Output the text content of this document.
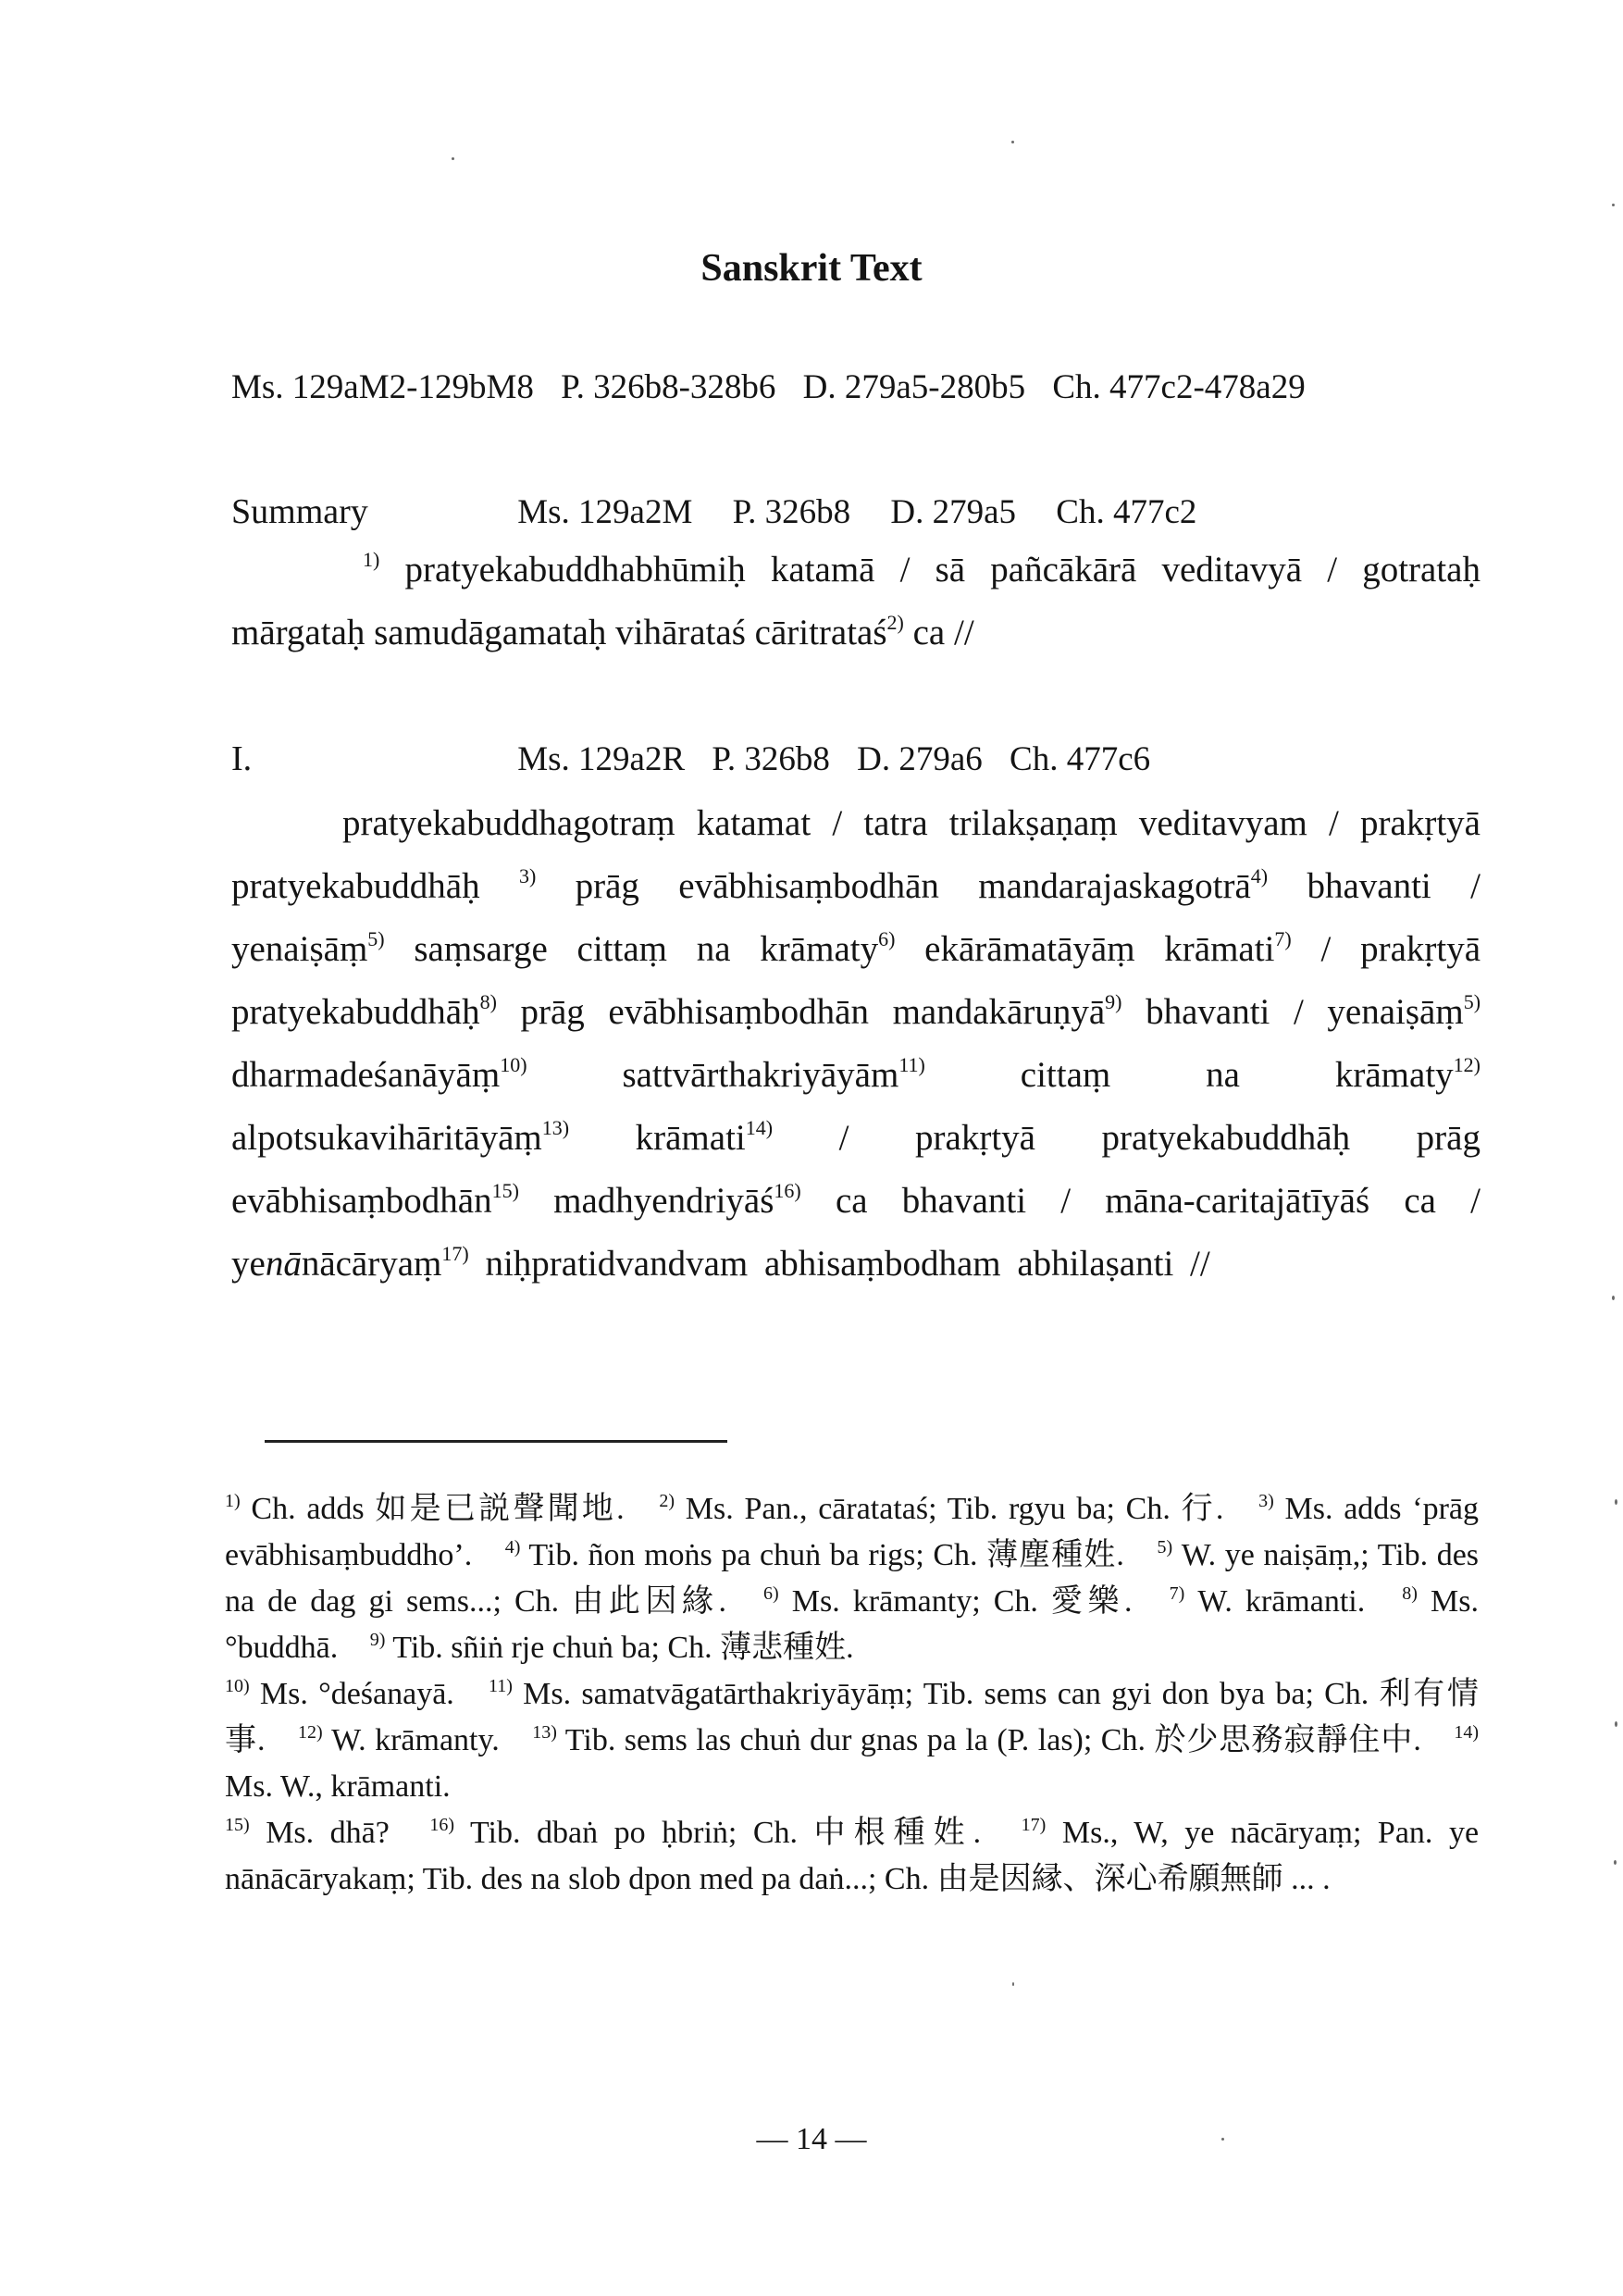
Sanskrit Text

Ms. 129aM2-129bM8 P. 326b8-328b6 D. 279a5-280b5 Ch. 477c2-478a29

Summary	Ms. 129a2M P. 326b8 D. 279a5 Ch. 477c2

$^{1)}$ pratyekabuddhabhūmiḥ katamā / sā pañcākārā veditavyā / gotrataḥ mārgataḥ samudāgamataḥ vihārataś cāritrataś$^{2)}$ ca //

I.	Ms. 129a2R P. 326b8 D. 279a6 Ch. 477c6

pratyekabuddhagotraṃ katamat / tatra trilakṣaṇaṃ veditavyam / prakṛtyā pratyekabuddhāḥ $^{3)}$ prāg evābhisaṃbodhān mandarajaskagotrā$^{4)}$ bhavanti / yenaiṣāṃ$^{5)}$ saṃsarge cittaṃ na krāmaty$^{6)}$ ekārāmatāyāṃ krāmati$^{7)}$ / prakṛtyā pratyekabuddhāḥ$^{8)}$ prāg evābhisaṃbodhān mandakāruṇyā$^{9)}$ bhavanti / yenaiṣāṃ$^{5)}$ dharmadeśanāyāṃ$^{10)}$ sattvārthakriyāyām$^{11)}$ cittaṃ na krāmaty$^{12)}$ alpotsukavihāritāyāṃ$^{13)}$ krāmati$^{14)}$ / prakṛtyā pratyekabuddhāḥ prāg evābhisaṃbodhān$^{15)}$ madhyendriyāś$^{16)}$ ca bhavanti / māna-caritajātīyāś ca / yenānācāryaṃ$^{17)}$ niḥpratidvandvam abhisaṃbodham abhilaṣanti //

$^{1)}$ Ch. adds 如是已説聲聞地. $^{2)}$ Ms. Pan., cāratataś; Tib. rgyu ba; Ch. 行. $^{3)}$ Ms. adds ‘prāg evābhisaṃbuddho’. $^{4)}$ Tib. ñon moṅs pa chuṅ ba rigs; Ch. 薄塵種姓. $^{5)}$ W. ye naiṣāṃ,; Tib. des na de dag gi sems...; Ch. 由此因緣. $^{6)}$ Ms. krāmanty; Ch. 愛樂. $^{7)}$ W. krāmanti. $^{8)}$ Ms. °buddhā. $^{9)}$ Tib. sñiṅ rje chuṅ ba; Ch. 薄悲種姓.
$^{10)}$ Ms. °deśanayā. $^{11)}$ Ms. samatvāgatārthakriyāyāṃ; Tib. sems can gyi don bya ba; Ch. 利有情事. $^{12)}$ W. krāmanty. $^{13)}$ Tib. sems las chuṅ dur gnas pa la (P. las); Ch. 於少思務寂靜住中. $^{14)}$ Ms. W., krāmanti.
$^{15)}$ Ms. dhā? $^{16)}$ Tib. dbaṅ po ḥbriṅ; Ch. 中根種姓. $^{17)}$ Ms., W, ye nācāryaṃ; Pan. ye nānācāryakaṃ; Tib. des na slob dpon med pa daṅ...; Ch. 由是因縁、深心希願無師 ... .

— 14 —
